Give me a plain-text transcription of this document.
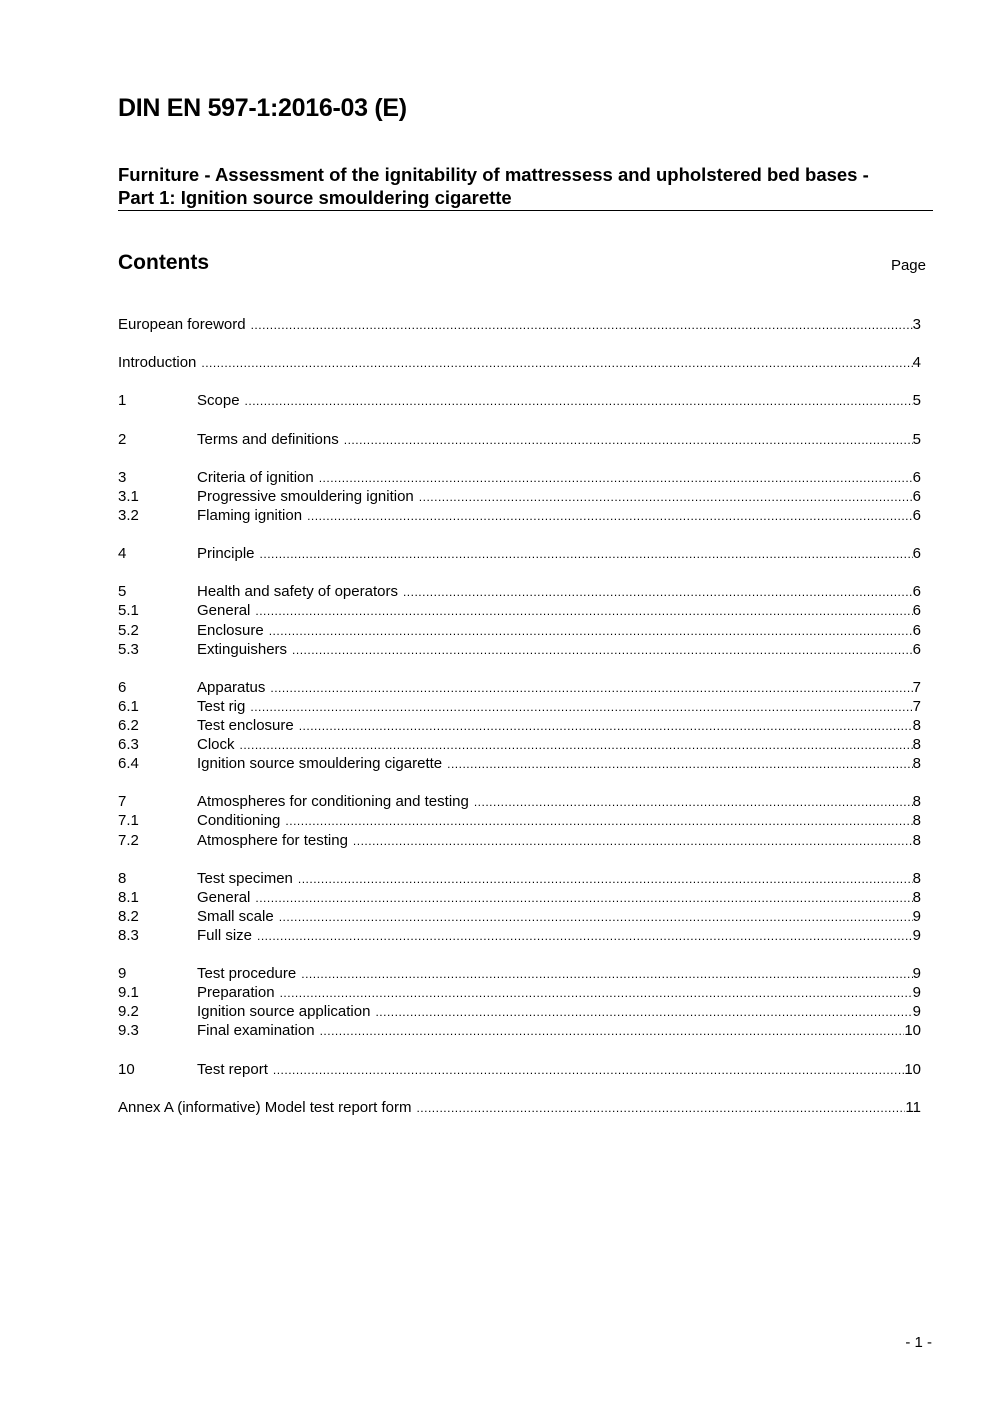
DIN EN 597-1:2016-03 (E)
Furniture - Assessment of the ignitability of mattressess and upholstered bed bases -
Part 1: Ignition source smouldering cigarette
Contents	Page
European foreword .....	3
Introduction .....	4
1	Scope .....	5
2	Terms and definitions .....	5
3	Criteria of ignition .....	6
3.1	Progressive smouldering ignition .....	6
3.2	Flaming ignition .....	6
4	Principle .....	6
5	Health and safety of operators .....	6
5.1	General .....	6
5.2	Enclosure .....	6
5.3	Extinguishers .....	6
6	Apparatus .....	7
6.1	Test rig .....	7
6.2	Test enclosure .....	8
6.3	Clock .....	8
6.4	Ignition source smouldering cigarette .....	8
7	Atmospheres for conditioning and testing .....	8
7.1	Conditioning .....	8
7.2	Atmosphere for testing .....	8
8	Test specimen .....	8
8.1	General .....	8
8.2	Small scale .....	9
8.3	Full size .....	9
9	Test procedure .....	9
9.1	Preparation .....	9
9.2	Ignition source application .....	9
9.3	Final examination .....	10
10	Test report .....	10
Annex A (informative) Model test report form .....	11
- 1 -
